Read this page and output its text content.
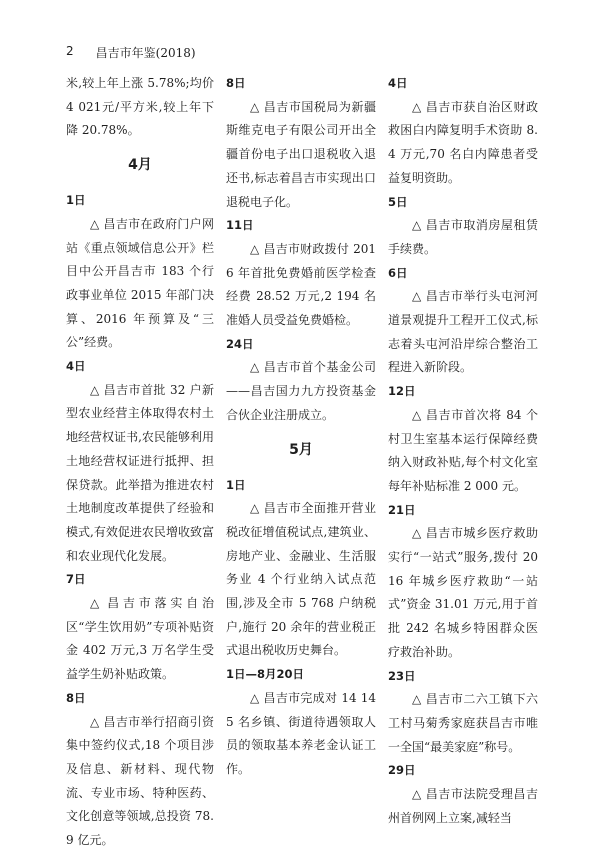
2 昌吉市年鉴(2018)

米,较上年上涨 5.78%;均价 4 021元/平方米,较上年下降 20.78%。

4月
1日

△ 昌吉市在政府门户网站《重点领域信息公开》栏目中公开昌吉市 183 个行政事业单位 2015 年部门决算、2016 年预算及“三公”经费。

4日

△ 昌吉市首批 32 户新型农业经营主体取得农村土地经营权证书,农民能够利用土地经营权证进行抵押、担保贷款。此举措为推进农村土地制度改革提供了经验和模式,有效促进农民增收致富和农业现代化发展。

7日

△ 昌吉市落实自治区“学生饮用奶”专项补贴资金 402 万元,3 万名学生受益学生奶补贴政策。

8日

△ 昌吉市举行招商引资集中签约仪式,18 个项目涉及信息、新材料、现代物流、专业市场、特种医药、文化创意等领域,总投资 78.9 亿元。

8日

△ 昌吉市国税局为新疆斯维克电子有限公司开出全疆首份电子出口退税收入退还书,标志着昌吉市实现出口退税电子化。

11日

△ 昌吉市财政拨付 2016 年首批免费婚前医学检查经费 28.52 万元,2 194 名准婚人员受益免费婚检。

24日

△ 昌吉市首个基金公司——昌吉国力九方投资基金合伙企业注册成立。

5月
1日

△ 昌吉市全面推开营业税改征增值税试点,建筑业、房地产业、金融业、生活服务业 4 个行业纳入试点范围,涉及全市 5 768 户纳税户,施行 20 余年的营业税正式退出税收历史舞台。

1日—8月20日

△ 昌吉市完成对 14 145 名乡镇、街道待遇领取人员的领取基本养老金认证工作。

4日

△ 昌吉市获自治区财政救困白内障复明手术资助 8.4 万元,70 名白内障患者受益复明资助。

5日

△ 昌吉市取消房屋租赁手续费。

6日

△ 昌吉市举行头屯河河道景观提升工程开工仪式,标志着头屯河沿岸综合整治工程进入新阶段。

12日

△ 昌吉市首次将 84 个村卫生室基本运行保障经费纳入财政补贴,每个村文化室每年补贴标准 2 000 元。

21日

△ 昌吉市城乡医疗救助实行“一站式”服务,拨付 2016 年城乡医疗救助“一站式”资金 31.01 万元,用于首批 242 名城乡特困群众医疗救治补助。

23日

△ 昌吉市二六工镇下六工村马菊秀家庭获昌吉市唯一全国“最美家庭”称号。

29日

△ 昌吉市法院受理昌吉州首例网上立案,减轻当
